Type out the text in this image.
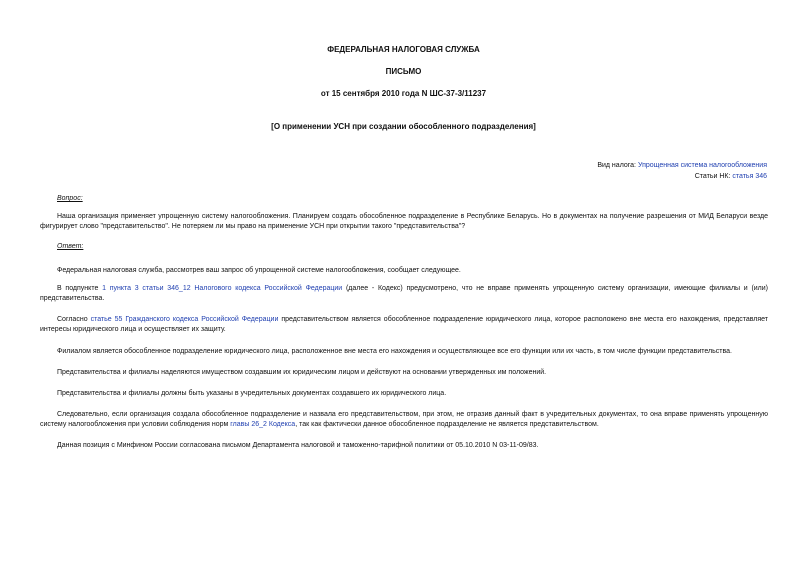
ФЕДЕРАЛЬНАЯ НАЛОГОВАЯ СЛУЖБА
ПИСЬМО
от 15 сентября 2010 года N ШС-37-3/11237
[О применении УСН при создании обособленного подразделения]
Вид налога: Упрощенная система налогообложения
Статьи НК: статья 346
Вопрос:
Наша организация применяет упрощенную систему налогообложения. Планируем создать обособленное подразделение в Республике Беларусь. Но в документах на получение разрешения от МИД Беларуси везде фигурирует слово "представительство". Не потеряем ли мы право на применение УСН при открытии такого "представительства"?
Ответ:
Федеральная налоговая служба, рассмотрев ваш запрос об упрощенной системе налогообложения, сообщает следующее.
В подпункте 1 пункта 3 статьи 346_12 Налогового кодекса Российской Федерации (далее - Кодекс) предусмотрено, что не вправе применять упрощенную систему организации, имеющие филиалы и (или) представительства.
Согласно статье 55 Гражданского кодекса Российской Федерации представительством является обособленное подразделение юридического лица, которое расположено вне места его нахождения, представляет интересы юридического лица и осуществляет их защиту.
Филиалом является обособленное подразделение юридического лица, расположенное вне места его нахождения и осуществляющее все его функции или их часть, в том числе функции представительства.
Представительства и филиалы наделяются имуществом создавшим их юридическим лицом и действуют на основании утвержденных им положений.
Представительства и филиалы должны быть указаны в учредительных документах создавшего их юридического лица.
Следовательно, если организация создала обособленное подразделение и назвала его представительством, при этом, не отразив данный факт в учредительных документах, то она вправе применять упрощенную систему налогообложения при условии соблюдения норм главы 26_2 Кодекса, так как фактически данное обособленное подразделение не является представительством.
Данная позиция с Минфином России согласована письмом Департамента налоговой и таможенно-тарифной политики от 05.10.2010 N 03-11-09/83.
